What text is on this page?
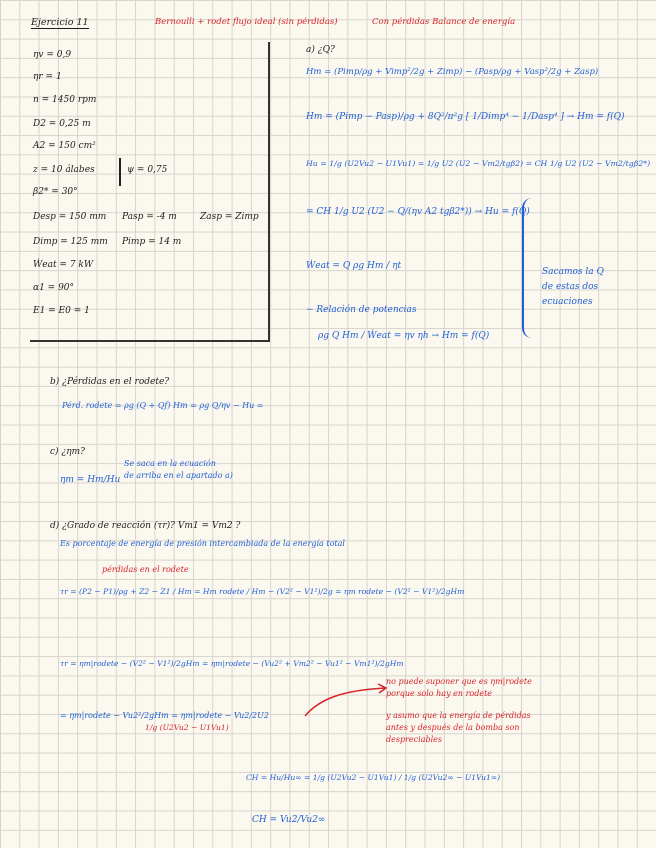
Ejercicio 11	Bernoulli + rodet flujo ideal (sin pérdidas)	Con pérdidas Balance de energía
ηv = 0,9
ηr = 1
n = 1450 rpm
D2 = 0,25 m
A2 = 150 cm²
z = 10 álabes	ψ = 0,75
β2* = 30°
Desp = 150 mm
Dimp = 125 mm
Pasp = -4 m
Pimp = 14 m
Zasp = Zimp
Ẇeat = 7 kW
α1 = 90°
E1 = E0 = 1
a) ¿Q?
Hm = (Pimp/ρg + Vimp²/2g + Zimp) − (Pasp/ρg + Vasp²/2g + Zasp)
Hm = (Pimp − Pasp)/ρg + 8Q²/π²g [ 1/Dimp⁴ − 1/Dasp⁴ ] → Hm = f(Q)
Hu = 1/g (U2Vu2 − U1Vu1) = 1/g U2 (U2 − Vm2/tgβ2) = CH 1/g U2 (U2 − Vm2/tgβ2*)
= CH 1/g U2 (U2 − Q/(ηv A2 tgβ2*)) → Hu = f(Q)
Ẇeat = Q ρg Hm / ηt
− Relación de potencias
ρg Q Hm / Ẇeat = ηv ηh → Hm = f(Q)
Sacamos la Q
de estas dos
ecuaciones
b) ¿Pérdidas en el rodete?
Pérd. rodete = ρg (Q + Qf) Hm = ρg Q/ηv − Hu =
c) ¿ηm?
ηm = Hm/Hu
Se saca en la ecuación
de arriba en el apartado a)
d) ¿Grado de reacción (τr)? Vm1 = Vm2 ?
Es porcentaje de energía de presión intercambiada de la energía total
pérdidas en el rodete
τr = (P2 − P1)/ρg + Z2 − Z1 / Hm = Hm rodete / Hm − (V2² − V1²)/2g = ηm rodete − (V2² − V1²)/2gHm
τr = ηm|rodete − (V2² − V1²)/2gHm = ηm|rodete − (Vu2² + Vm2² − Vu1² − Vm1²)/2gHm
= ηm|rodete − Vu2²/2gHm = ηm|rodete − Vu2/2U2
1/g (U2Vu2 − U1Vu1)
no puede suponer que es ηm|rodete
porque solo hay en rodete
y asumo que la energía de pérdidas
antes y después de la bomba son
despreciables
CH = Hu/Hu∞ = 1/g (U2Vu2 − U1Vu1) / 1/g (U2Vu2∞ − U1Vu1∞)
CH = Vu2/Vu2∞
